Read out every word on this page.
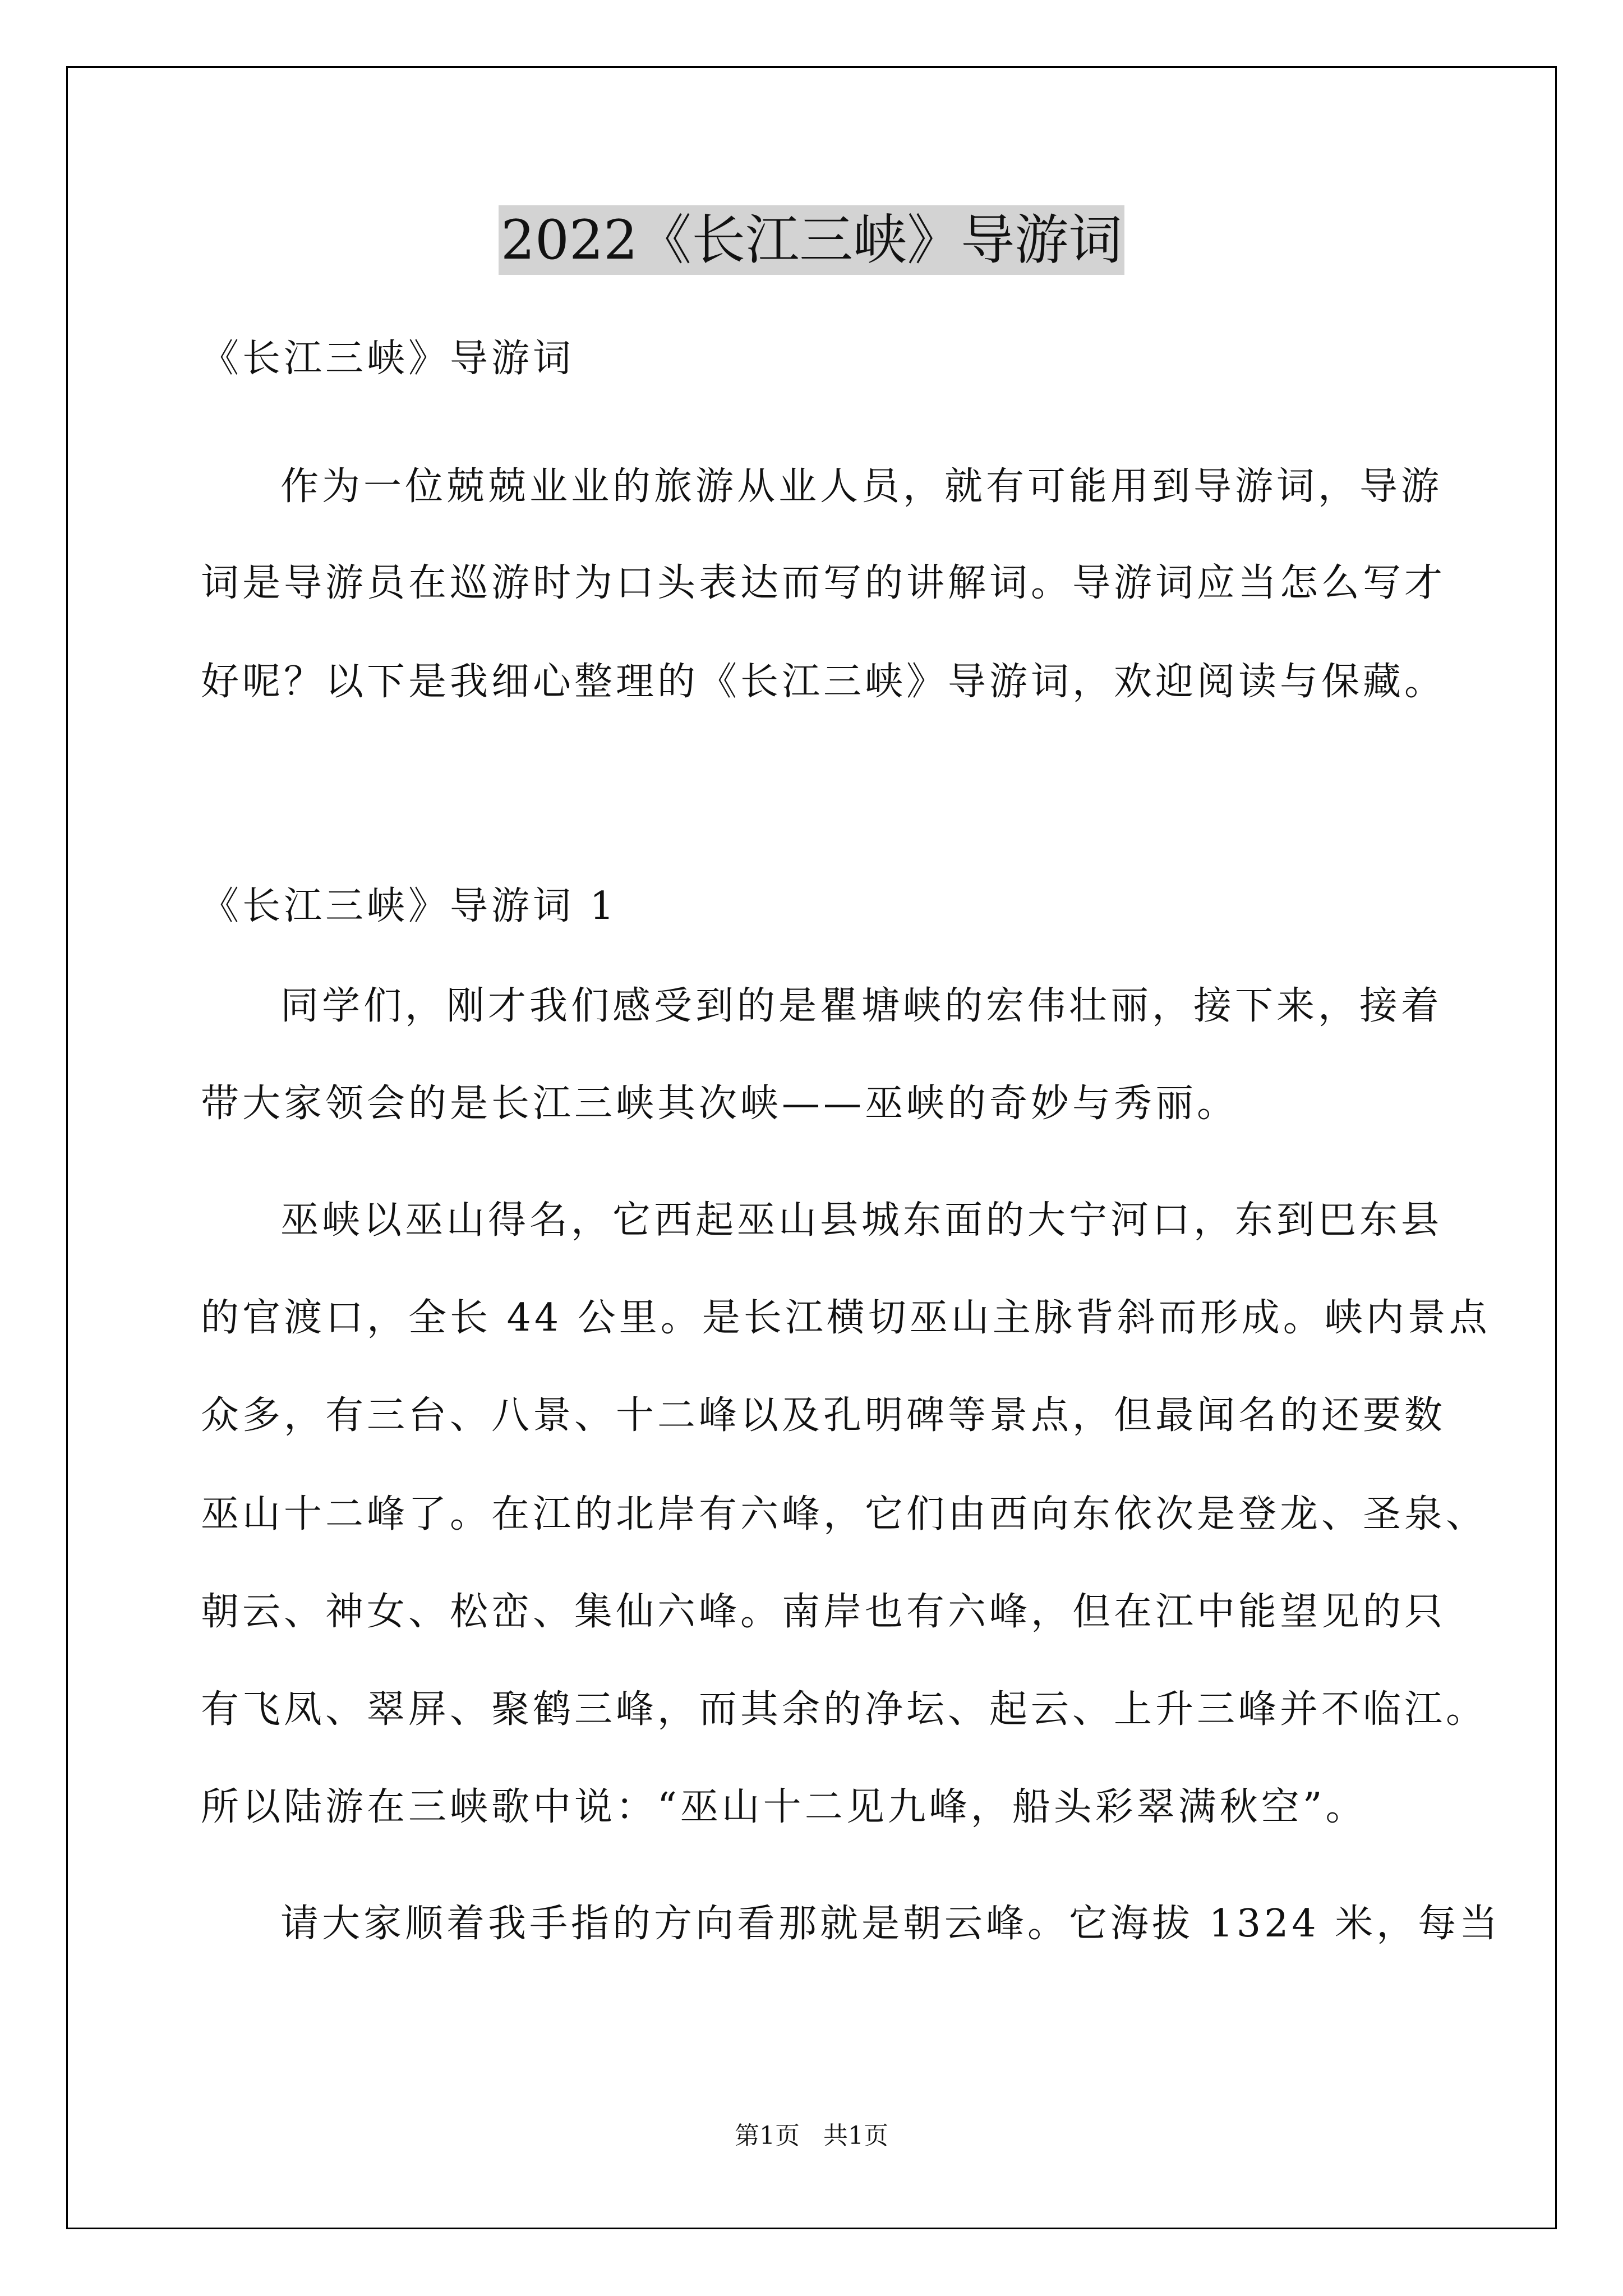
2022《长江三峡》导游词
《长江三峡》导游词
作为一位兢兢业业的旅游从业人员，就有可能用到导游词，导游
词是导游员在巡游时为口头表达而写的讲解词。导游词应当怎么写才
好呢？以下是我细心整理的《长江三峡》导游词，欢迎阅读与保藏。
《长江三峡》导游词 1
同学们，刚才我们感受到的是瞿塘峡的宏伟壮丽，接下来，接着
带大家领会的是长江三峡其次峡——巫峡的奇妙与秀丽。
巫峡以巫山得名，它西起巫山县城东面的大宁河口，东到巴东县
的官渡口，全长 44 公里。是长江横切巫山主脉背斜而形成。峡内景点
众多，有三台、八景、十二峰以及孔明碑等景点，但最闻名的还要数
巫山十二峰了。在江的北岸有六峰，它们由西向东依次是登龙、圣泉、
朝云、神女、松峦、集仙六峰。南岸也有六峰，但在江中能望见的只
有飞凤、翠屏、聚鹤三峰，而其余的净坛、起云、上升三峰并不临江。
所以陆游在三峡歌中说：“巫山十二见九峰，船头彩翠满秋空”。
请大家顺着我手指的方向看那就是朝云峰。它海拔 1324 米，每当
第1页   共1页
